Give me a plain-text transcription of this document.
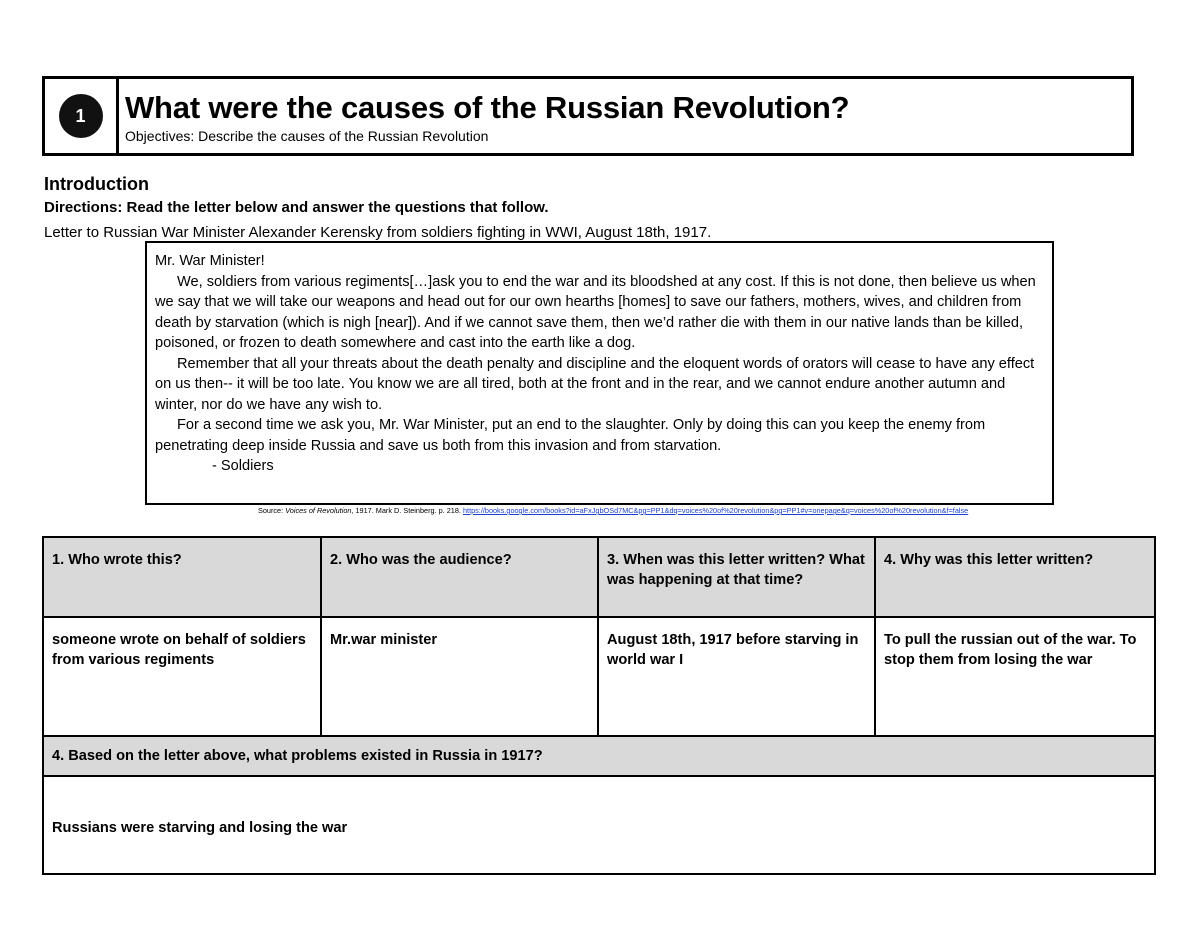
1	What were the causes of the Russian Revolution?
Objectives: Describe the causes of the Russian Revolution
Introduction
Directions: Read the letter below and answer the questions that follow.
Letter to Russian War Minister Alexander Kerensky from soldiers fighting in WWI, August 18th, 1917.

Mr. War Minister!

We, soldiers from various regiments[…]ask you to end the war and its bloodshed at any cost. If this is not done, then believe us when we say that we will take our weapons and head out for our own hearths [homes] to save our fathers, mothers, wives, and children from death by starvation (which is nigh [near]). And if we cannot save them, then we’d rather die with them in our native lands than be killed, poisoned, or frozen to death somewhere and cast into the earth like a dog.

Remember that all your threats about the death penalty and discipline and the eloquent words of orators will cease to have any effect on us then-- it will be too late. You know we are all tired, both at the front and in the rear, and we cannot endure another autumn and winter, nor do we have any wish to.

For a second time we ask you, Mr. War Minister, put an end to the slaughter. Only by doing this can you keep the enemy from penetrating deep inside Russia and save us both from this invasion and from starvation.

- Soldiers

Source: Voices of Revolution, 1917. Mark D. Steinberg. p. 218. https://books.google.com/books?id=aFxJgbOSd7MC&pg=PP1&dq=voices%20of%20revolution&pg=PP1#v=onepage&q=voices%20of%20revolution&f=false
1. Who wrote this?	2. Who was the audience?	3. When was this letter written? What was happening at that time?	4. Why was this letter written?
someone wrote on behalf of soldiers from various regiments	Mr.war minister	August 18th, 1917 before starving in world war I	To pull the russian out of the war. To stop them from losing the war
4. Based on the letter above, what problems existed in Russia in 1917?			
Russians were starving and losing the war			
